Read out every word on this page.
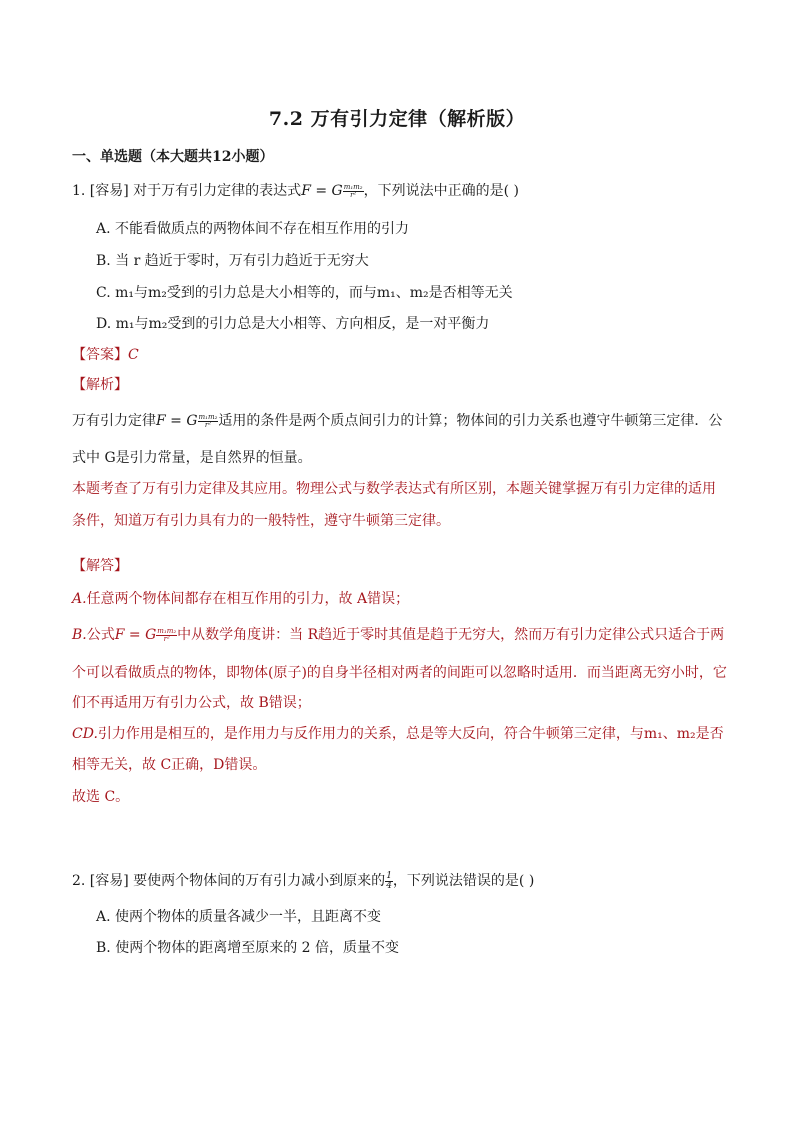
7.2 万有引力定律（解析版）
一、单选题（本大题共12小题）
1. [容易] 对于万有引力定律的表达式F = G $\frac{\text{m₁m₂}}{\text{r²}}$ ，下列说法中正确的是( )
A. 不能看做质点的两物体间不存在相互作用的引力
B. 当 r 趋近于零时，万有引力趋近于无穷大
C. m₁与m₂受到的引力总是大小相等的，而与m₁、m₂是否相等无关
D. m₁与m₂受到的引力总是大小相等、方向相反，是一对平衡力
【答案】C
【解析】
万有引力定律F = G $\frac{\text{m₁m₂}}{\text{r²}}$ 适用的条件是两个质点间引力的计算；物体间的引力关系也遵守牛顿第三定律．公
式中 G是引力常量，是自然界的恒量。
本题考查了万有引力定律及其应用。物理公式与数学表达式有所区别，本题关键掌握万有引力定律的适用
条件，知道万有引力具有力的一般特性，遵守牛顿第三定律。
【解答】
A.任意两个物体间都存在相互作用的引力，故 A错误；
B.公式F = G $\frac{\text{m₁m₂}}{\text{r²}}$ 中从数学角度讲：当 R趋近于零时其值是趋于无穷大，然而万有引力定律公式只适合于两
个可以看做质点的物体，即物体(原子)的自身半径相对两者的间距可以忽略时适用．而当距离无穷小时，它
们不再适用万有引力公式，故 B错误；
CD.引力作用是相互的，是作用力与反作用力的关系，总是等大反向，符合牛顿第三定律，与m₁、m₂是否
相等无关，故 C正确，D错误。
故选 C。
2. [容易] 要使两个物体间的万有引力减小到原来的 $\frac{1}{4}$ ，下列说法错误的是( )
A. 使两个物体的质量各减少一半，且距离不变
B. 使两个物体的距离增至原来的 2 倍，质量不变
